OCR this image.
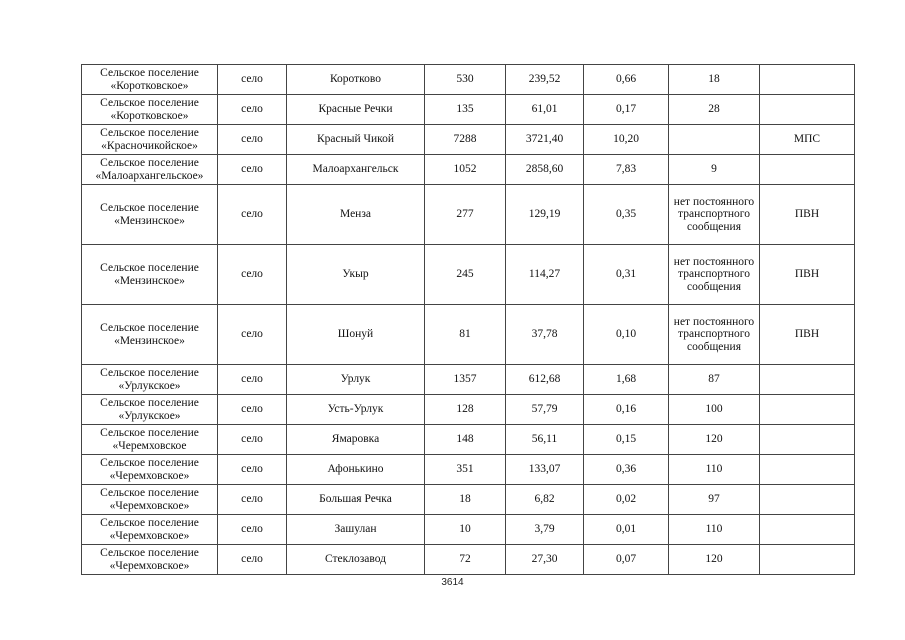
Сельское поселение «Коротковское»	село	Коротково	530	239,52	0,66	18	
Сельское поселение «Коротковское»	село	Красные Речки	135	61,01	0,17	28	
Сельское поселение «Красночикойское»	село	Красный Чикой	7288	3721,40	10,20		МПС
Сельское поселение «Малоархангельское»	село	Малоархангельск	1052	2858,60	7,83	9	
Сельское поселение «Мензинское»	село	Менза	277	129,19	0,35	нет постоянного транспортного сообщения	ПВН
Сельское поселение «Мензинское»	село	Укыр	245	114,27	0,31	нет постоянного транспортного сообщения	ПВН
Сельское поселение «Мензинское»	село	Шонуй	81	37,78	0,10	нет постоянного транспортного сообщения	ПВН
Сельское поселение «Урлукское»	село	Урлук	1357	612,68	1,68	87	
Сельское поселение «Урлукское»	село	Усть-Урлук	128	57,79	0,16	100	
Сельское поселение «Черемховское	село	Ямаровка	148	56,11	0,15	120	
Сельское поселение «Черемховское»	село	Афонькино	351	133,07	0,36	110	
Сельское поселение «Черемховское»	село	Большая Речка	18	6,82	0,02	97	
Сельское поселение «Черемховское»	село	Зашулан	10	3,79	0,01	110	
Сельское поселение «Черемховское»	село	Стеклозавод	72	27,30	0,07	120	
3614
